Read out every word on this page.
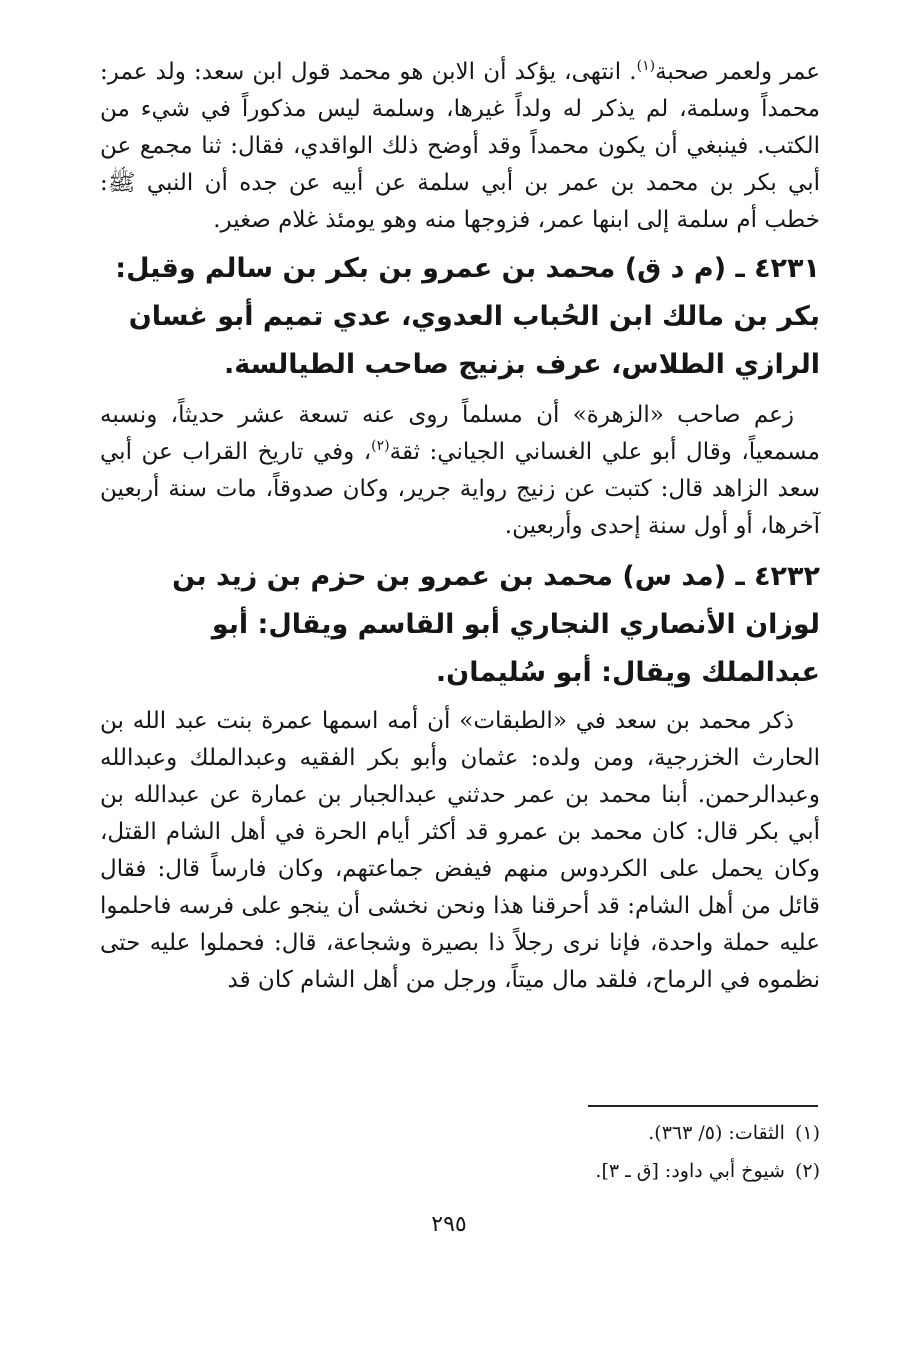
عمر ولعمر صحبة$^{(١)}$. انتهى، يؤكد أن الابن هو محمد قول ابن سعد: ولد عمر: محمداً وسلمة، لم يذكر له ولداً غيرها، وسلمة ليس مذكوراً في شيء من الكتب. فينبغي أن يكون محمداً وقد أوضح ذلك الواقدي، فقال: ثنا مجمع عن أبي بكر بن محمد بن عمر بن أبي سلمة عن أبيه عن جده أن النبي ﷺ: خطب أم سلمة إلى ابنها عمر، فزوجها منه وهو يومئذ غلام صغير.

٤٢٣١ ـ (م د ق) محمد بن عمرو بن بكر بن سالم وقيل: بكر بن مالك ابن الحُباب العدوي، عدي تميم أبو غسان الرازي الطلاس، عرف بزنيج صاحب الطيالسة.

زعم صاحب «الزهرة» أن مسلماً روى عنه تسعة عشر حديثاً، ونسبه مسمعياً، وقال أبو علي الغساني الجياني: ثقة$^{(٢)}$، وفي تاريخ القراب عن أبي سعد الزاهد قال: كتبت عن زنيج رواية جرير، وكان صدوقاً، مات سنة أربعين آخرها، أو أول سنة إحدى وأربعين.

٤٢٣٢ ـ (مد س) محمد بن عمرو بن حزم بن زيد بن لوزان الأنصاري النجاري أبو القاسم ويقال: أبو عبدالملك ويقال: أبو سُليمان.

ذكر محمد بن سعد في «الطبقات» أن أمه اسمها عمرة بنت عبد الله بن الحارث الخزرجية، ومن ولده: عثمان وأبو بكر الفقيه وعبدالملك وعبدالله وعبدالرحمن. أبنا محمد بن عمر حدثني عبدالجبار بن عمارة عن عبدالله بن أبي بكر قال: كان محمد بن عمرو قد أكثر أيام الحرة في أهل الشام القتل، وكان يحمل على الكردوس منهم فيفض جماعتهم، وكان فارساً قال: فقال قائل من أهل الشام: قد أحرقنا هذا ونحن نخشى أن ينجو على فرسه فاحلموا عليه حملة واحدة، فإنا نرى رجلاً ذا بصيرة وشجاعة، قال: فحملوا عليه حتى نظموه في الرماح، فلقد مال ميتاً، ورجل من أهل الشام كان قد

(١)الثقات: (٥/ ٣٦٣).

(٢)شيوخ أبي داود: [ق ـ ٣].

٢٩٥
